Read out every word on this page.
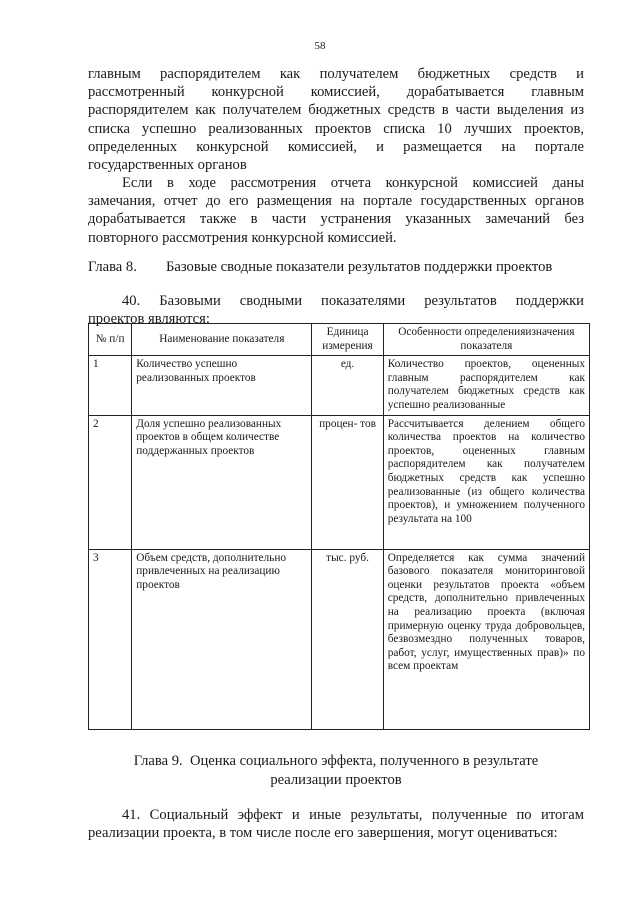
58
главным распорядителем как получателем бюджетных средств и
рассмотренный конкурсной комиссией, дорабатывается главным
распорядителем как получателем бюджетных средств в части выделения из
списка успешно реализованных проектов списка 10 лучших проектов,
определенных конкурсной комиссией, и размещается на портале
государственных органов
Если в ходе рассмотрения отчета конкурсной комиссией даны
замечания, отчет до его размещения на портале государственных органов
дорабатывается также в части устранения указанных замечаний без
повторного рассмотрения конкурсной комиссией.
Глава 8. Базовые сводные показатели результатов поддержки проектов
40. Базовыми сводными показателями результатов поддержки
проектов являются:
№ п/п	Наименование показателя	Единица измерения	Особенности определенияизначения показателя
1	Количество успешно реализованных проектов	ед.	Количество проектов, оцененных главным распорядителем как получателем бюджетных средств как успешно реализованные
2	Доля успешно реализованных проектов в общем количестве поддержанных проектов	процен- тов	Рассчитывается делением общего количества проектов на количество проектов, оцененных главным распорядителем как получателем бюджетных средств как успешно реализованные (из общего количества проектов), и умножением полученного результата на 100
3	Объем средств, дополнительно привлеченных на реализацию проектов	тыс. руб.	Определяется как сумма значений базового показателя мониторинговой оценки результатов проекта «объем средств, дополнительно привлеченных на реализацию проекта (включая примерную оценку труда добровольцев, безвозмездно полученных товаров, работ, услуг, имущественных прав)» по всем проектам
Глава 9.  Оценка социального эффекта, полученного в результате
реализации проектов
41. Социальный эффект и иные результаты, полученные по итогам
реализации проекта, в том числе после его завершения, могут оцениваться:
